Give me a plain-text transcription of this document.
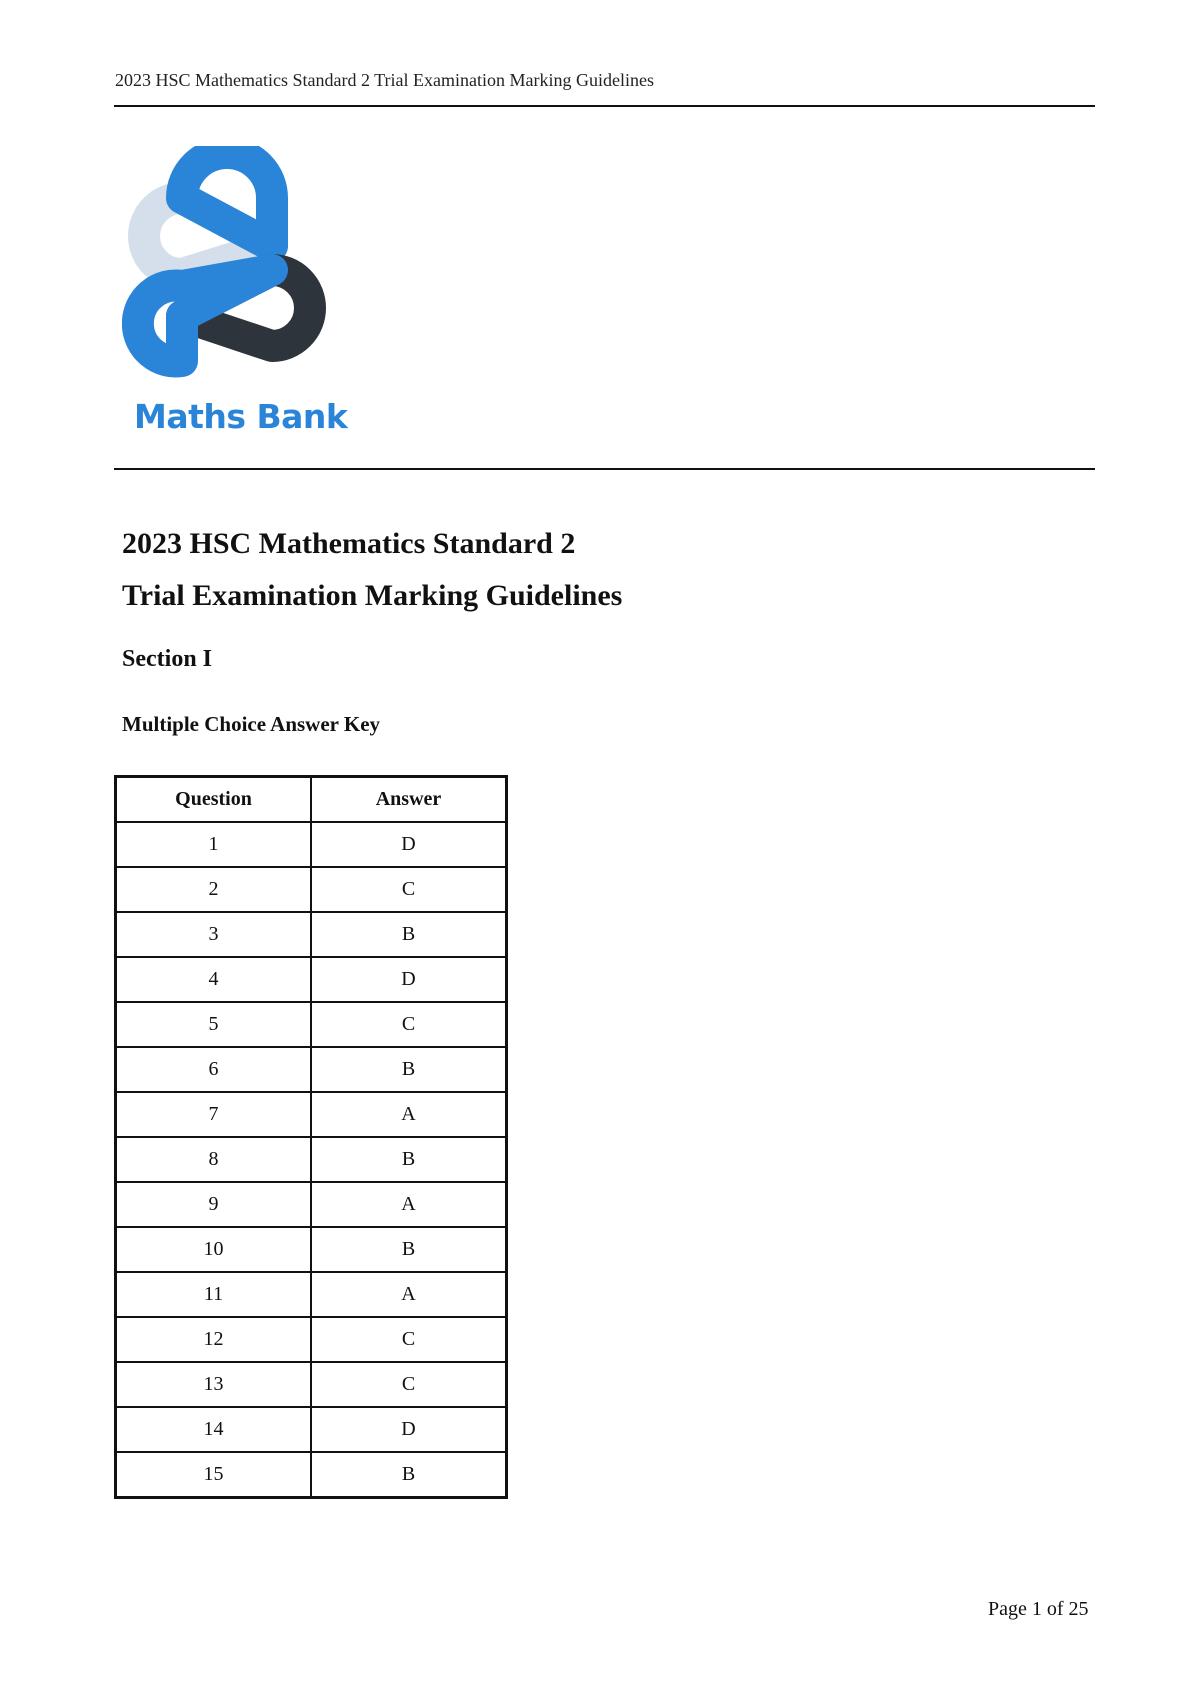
2023 HSC Mathematics Standard 2 Trial Examination Marking Guidelines
Maths Bank
2023 HSC Mathematics Standard 2
Trial Examination Marking Guidelines
Section I
Multiple Choice Answer Key
Question	Answer
1	D
2	C
3	B
4	D
5	C
6	B
7	A
8	B
9	A
10	B
11	A
12	C
13	C
14	D
15	B
Page 1 of 25
